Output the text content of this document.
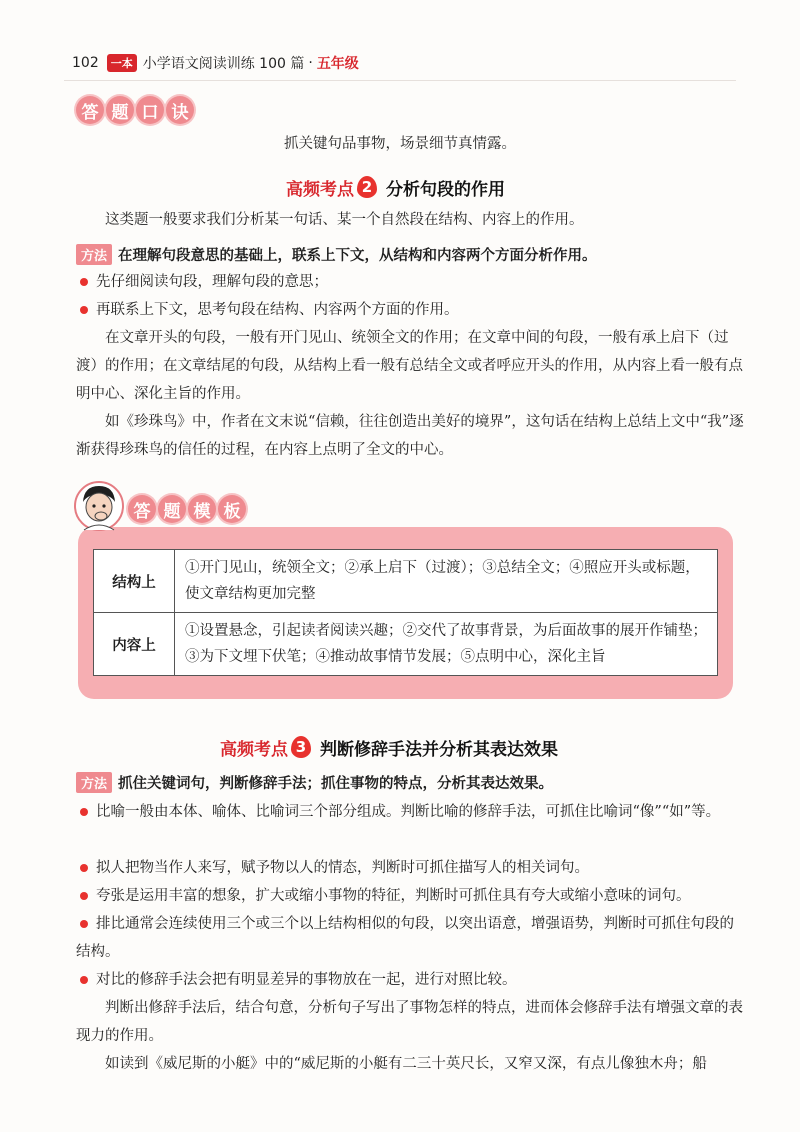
102	一本 小学语文阅读训练 100 篇 · 五年级
答 题 口 诀
抓关键句品事物，场景细节真情露。
高频考点 2 分析句段的作用
这类题一般要求我们分析某一句话、某一个自然段在结构、内容上的作用。
方法 在理解句段意思的基础上，联系上下文，从结构和内容两个方面分析作用。
先仔细阅读句段，理解句段的意思；
再联系上下文，思考句段在结构、内容两个方面的作用。
在文章开头的句段，一般有开门见山、统领全文的作用；在文章中间的句段，一般有承上启下（过渡）的作用；在文章结尾的句段，从结构上看一般有总结全文或者呼应开头的作用，从内容上看一般有点明中心、深化主旨的作用。
如《珍珠鸟》中，作者在文末说“信赖，往往创造出美好的境界”，这句话在结构上总结上文中“我”逐渐获得珍珠鸟的信任的过程，在内容上点明了全文的中心。
答 题 模 板
结构上	①开门见山，统领全文；②承上启下（过渡）；③总结全文；④照应开头或标题，使文章结构更加完整
内容上	①设置悬念，引起读者阅读兴趣；②交代了故事背景，为后面故事的展开作铺垫；③为下文埋下伏笔；④推动故事情节发展；⑤点明中心，深化主旨
高频考点 3 判断修辞手法并分析其表达效果
方法 抓住关键词句，判断修辞手法；抓住事物的特点，分析其表达效果。
比喻一般由本体、喻体、比喻词三个部分组成。判断比喻的修辞手法，可抓住比喻词“像”“如”等。
拟人把物当作人来写，赋予物以人的情态，判断时可抓住描写人的相关词句。
夸张是运用丰富的想象，扩大或缩小事物的特征，判断时可抓住具有夸大或缩小意味的词句。
排比通常会连续使用三个或三个以上结构相似的句段，以突出语意，增强语势，判断时可抓住句段的结构。
对比的修辞手法会把有明显差异的事物放在一起，进行对照比较。
判断出修辞手法后，结合句意，分析句子写出了事物怎样的特点，进而体会修辞手法有增强文章的表现力的作用。
如读到《威尼斯的小艇》中的“威尼斯的小艇有二三十英尺长，又窄又深，有点儿像独木舟；船
